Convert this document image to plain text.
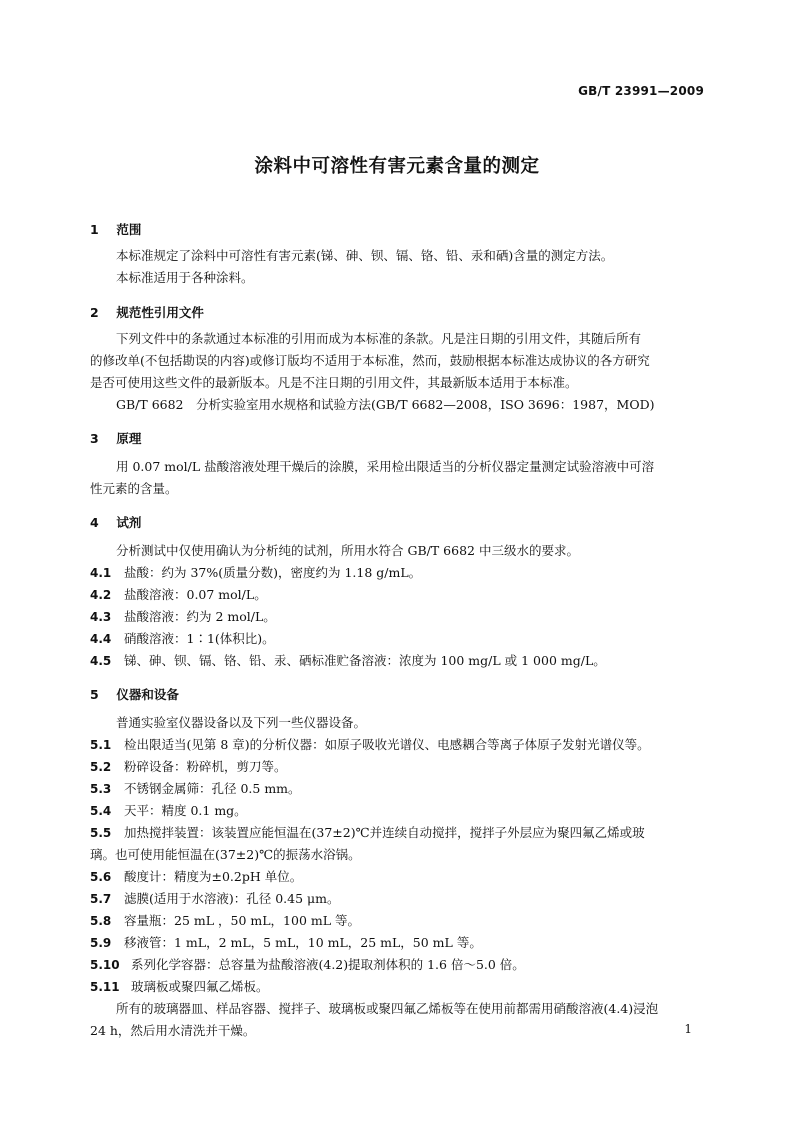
GB/T 23991—2009
涂料中可溶性有害元素含量的测定
1 范围
本标准规定了涂料中可溶性有害元素(锑、砷、钡、镉、铬、铅、汞和硒)含量的测定方法。
本标准适用于各种涂料。
2 规范性引用文件
下列文件中的条款通过本标准的引用而成为本标准的条款。凡是注日期的引用文件，其随后所有
的修改单(不包括勘误的内容)或修订版均不适用于本标准，然而，鼓励根据本标准达成协议的各方研究
是否可使用这些文件的最新版本。凡是不注日期的引用文件，其最新版本适用于本标准。
GB/T 6682　分析实验室用水规格和试验方法(GB/T 6682—2008，ISO 3696：1987，MOD)
3 原理
用 0.07 mol/L 盐酸溶液处理干燥后的涂膜，采用检出限适当的分析仪器定量测定试验溶液中可溶
性元素的含量。
4 试剂
分析测试中仅使用确认为分析纯的试剂，所用水符合 GB/T 6682 中三级水的要求。
4.1 盐酸：约为 37%(质量分数)，密度约为 1.18 g/mL。
4.2 盐酸溶液：0.07 mol/L。
4.3 盐酸溶液：约为 2 mol/L。
4.4 硝酸溶液：1∶1(体积比)。
4.5 锑、砷、钡、镉、铬、铅、汞、硒标准贮备溶液：浓度为 100 mg/L 或 1 000 mg/L。
5 仪器和设备
普通实验室仪器设备以及下列一些仪器设备。
5.1 检出限适当(见第 8 章)的分析仪器：如原子吸收光谱仪、电感耦合等离子体原子发射光谱仪等。
5.2 粉碎设备：粉碎机，剪刀等。
5.3 不锈钢金属筛：孔径 0.5 mm。
5.4 天平：精度 0.1 mg。
5.5 加热搅拌装置：该装置应能恒温在(37±2)℃并连续自动搅拌，搅拌子外层应为聚四氟乙烯或玻
璃。也可使用能恒温在(37±2)℃的振荡水浴锅。
5.6 酸度计：精度为±0.2pH 单位。
5.7 滤膜(适用于水溶液)：孔径 0.45 μm。
5.8 容量瓶：25 mL ，50 mL，100 mL 等。
5.9 移液管：1 mL，2 mL，5 mL，10 mL，25 mL，50 mL 等。
5.10 系列化学容器：总容量为盐酸溶液(4.2)提取剂体积的 1.6 倍～5.0 倍。
5.11 玻璃板或聚四氟乙烯板。
所有的玻璃器皿、样品容器、搅拌子、玻璃板或聚四氟乙烯板等在使用前都需用硝酸溶液(4.4)浸泡
24 h，然后用水清洗并干燥。	1
